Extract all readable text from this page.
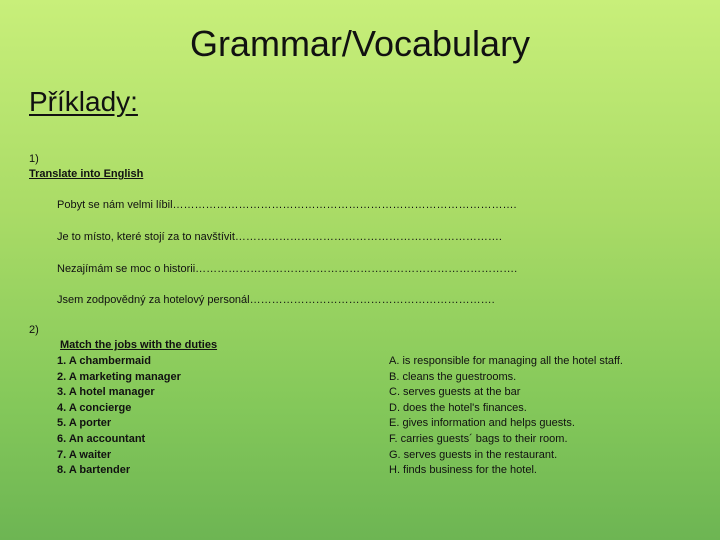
Grammar/Vocabulary
Příklady:
1)
Translate into English
Pobyt se nám velmi líbil………………………………………………………………………………….
Je to místo, které stojí za to navštívit……………………………………………………………….
Nezajímám se moc o historii…………………………………………………………………………….
Jsem zodpovědný za hotelový personál………………………………………………………….
2)
Match the jobs with the duties
1. A chambermaid
2. A marketing manager
3. A hotel manager
4. A concierge
5. A porter
6. An accountant
7. A waiter
8. A bartender
A. is responsible for managing all the hotel staff.
B. cleans the guestrooms.
C. serves guests at the bar
D. does the hotel's finances.
E. gives information and helps guests.
F. carries guests´ bags to their room.
G. serves guests in the restaurant.
H. finds business for the hotel.
